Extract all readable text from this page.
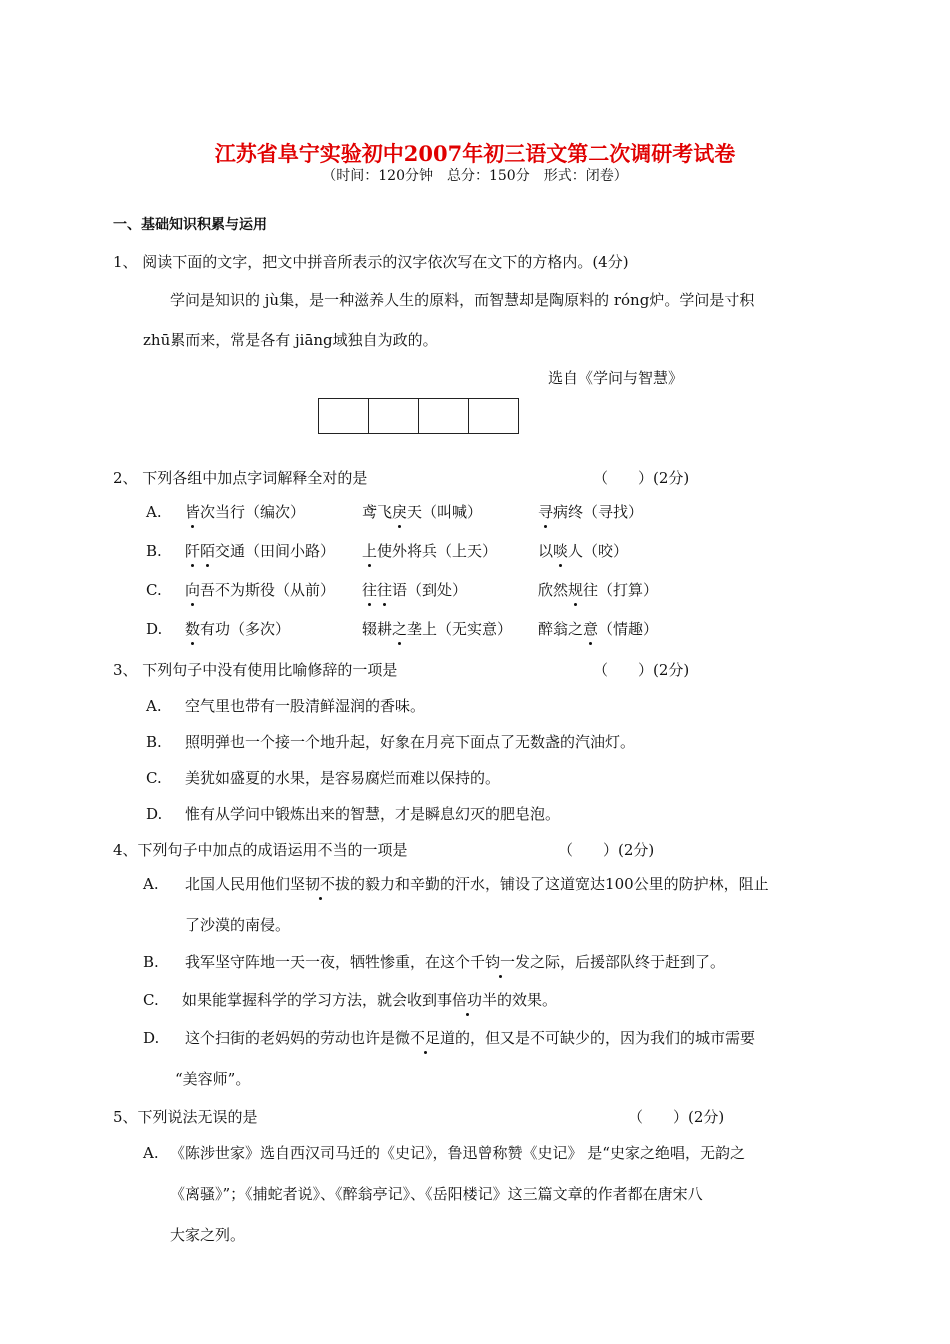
江苏省阜宁实验初中2007年初三语文第二次调研考试卷
（时间：120分钟　总分：150分　形式：闭卷）
一、基础知识积累与运用
1、 阅读下面的文字，把文中拼音所表示的汉字依次写在文下的方格内。(4分)
学问是知识的 jù集，是一种滋养人生的原料，而智慧却是陶原料的 róng炉。学问是寸积
zhū累而来，常是各有 jiāng域独自为政的。
选自《学问与智慧》
2、 下列各组中加点字词解释全对的是	（　　）(2分)
A. 皆次当行（编次）	鸢飞戾天（叫喊）	寻病终（寻找）
B. 阡陌交通（田间小路） 上使外将兵（上天）	以啖人（咬）
C. 向吾不为斯役（从前） 往往语（到处）	欣然规往（打算）
D. 数有功（多次）	辍耕之垄上（无实意） 醉翁之意（情趣）
3、 下列句子中没有使用比喻修辞的一项是	（　　）(2分)
A. 空气里也带有一股清鲜湿润的香味。
B. 照明弹也一个接一个地升起，好象在月亮下面点了无数盏的汽油灯。
C. 美犹如盛夏的水果，是容易腐烂而难以保持的。
D. 惟有从学问中锻炼出来的智慧，才是瞬息幻灭的肥皂泡。
4、下列句子中加点的成语运用不当的一项是	（　　）(2分)
A. 北国人民用他们坚韧不拔的毅力和辛勤的汗水，铺设了这道宽达100公里的防护林，阻止
了沙漠的南侵。
B. 我军坚守阵地一天一夜，牺牲惨重，在这个千钧一发之际，后援部队终于赶到了。
C. 如果能掌握科学的学习方法，就会收到事倍功半的效果。
D. 这个扫街的老妈妈的劳动也许是微不足道的，但又是不可缺少的，因为我们的城市需要
“美容师”。
5、下列说法无误的是	（　　）(2分)
A. 《陈涉世家》选自西汉司马迁的《史记》，鲁迅曾称赞《史记》 是“史家之绝唱，无韵之
《离骚》”；《捕蛇者说》、《醉翁亭记》、《岳阳楼记》这三篇文章的作者都在唐宋八
大家之列。
